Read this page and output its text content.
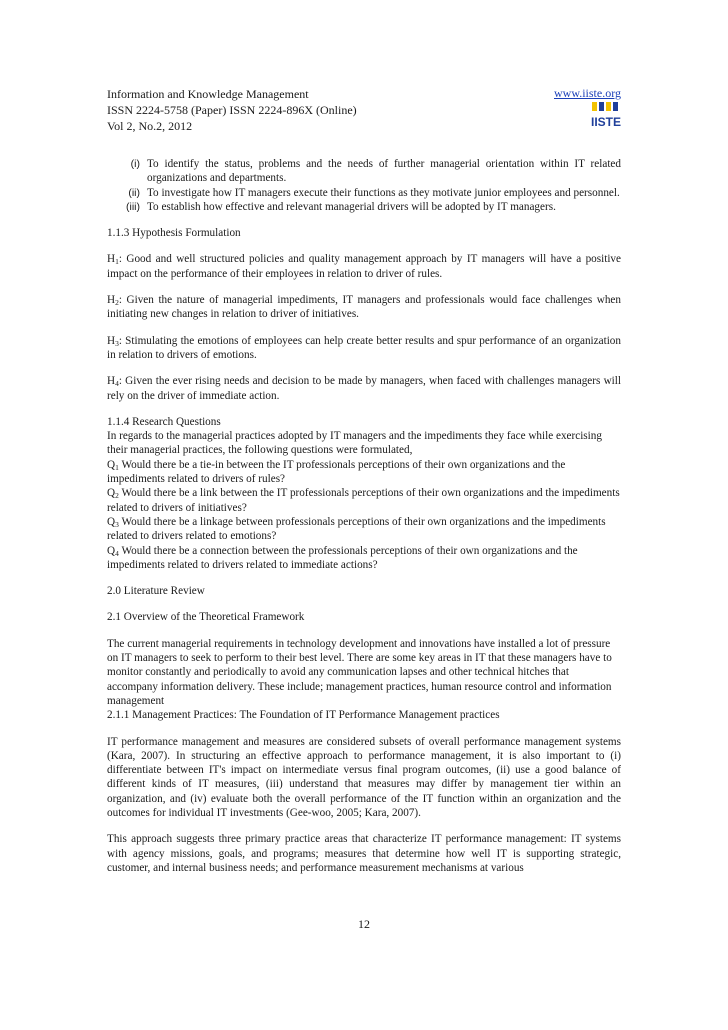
Information and Knowledge Management
ISSN 2224-5758 (Paper) ISSN 2224-896X (Online)
Vol 2, No.2, 2012
www.iiste.org
IISTE
(i) To identify the status, problems and the needs of further managerial orientation within IT related organizations and departments.
(ii) To investigate how IT managers execute their functions as they motivate junior employees and personnel.
(iii) To establish how effective and relevant managerial drivers will be adopted by IT managers.

1.1.3 Hypothesis Formulation

$H_1$: Good and well structured policies and quality management approach by IT managers will have a positive impact on the performance of their employees in relation to driver of rules.

$H_2$: Given the nature of managerial impediments, IT managers and professionals would face challenges when initiating new changes in relation to driver of initiatives.

$H_3$: Stimulating the emotions of employees can help create better results and spur performance of an organization in relation to drivers of emotions.

$H_4$: Given the ever rising needs and decision to be made by managers, when faced with challenges managers will rely on the driver of immediate action.

1.1.4 Research Questions

In regards to the managerial practices adopted by IT managers and the impediments they face while exercising their managerial practices, the following questions were formulated,

$Q_1$ Would there be a tie-in between the IT professionals perceptions of their own organizations and the impediments related to drivers of rules?

$Q_2$ Would there be a link between the IT professionals perceptions of their own organizations and the impediments related to drivers of initiatives?

$Q_3$ Would there be a linkage between professionals perceptions of their own organizations and the impediments related to drivers related to emotions?

$Q_4$ Would there be a connection between the professionals perceptions of their own organizations and the impediments related to drivers related to immediate actions?

2.0 Literature Review

2.1 Overview of the Theoretical Framework

The current managerial requirements in technology development and innovations have installed a lot of pressure on IT managers to seek to perform to their best level. There are some key areas in IT that these managers have to monitor constantly and periodically to avoid any communication lapses and other technical hitches that accompany information delivery. These include; management practices, human resource control and information management

2.1.1 Management Practices: The Foundation of IT Performance Management practices

IT performance management and measures are considered subsets of overall performance management systems (Kara, 2007). In structuring an effective approach to performance management, it is also important to (i) differentiate between IT's impact on intermediate versus final program outcomes, (ii) use a good balance of different kinds of IT measures, (iii) understand that measures may differ by management tier within an organization, and (iv) evaluate both the overall performance of the IT function within an organization and the outcomes for individual IT investments (Gee-woo, 2005; Kara, 2007).

This approach suggests three primary practice areas that characterize IT performance management: IT systems with agency missions, goals, and programs; measures that determine how well IT is supporting strategic, customer, and internal business needs; and performance measurement mechanisms at various

12
